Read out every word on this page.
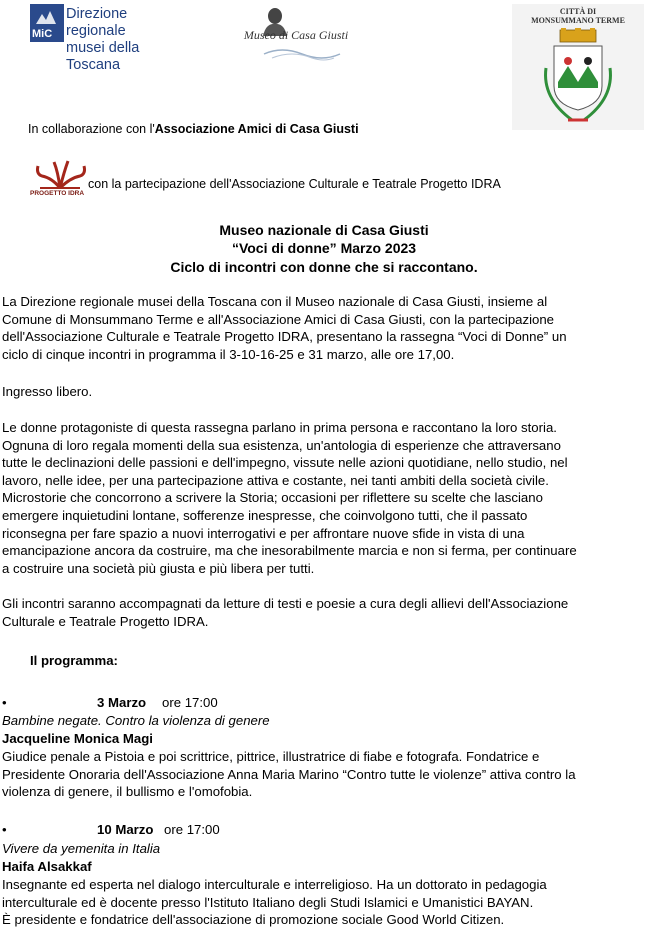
MiC
Direzione regionale
musei della Toscana
Museo di Casa Giusti
CITTÀ DI
MONSUMMANO TERME
In collaborazione con l'Associazione Amici di Casa Giusti
PROGETTO IDRA
con la partecipazione dell'Associazione Culturale e Teatrale Progetto IDRA
Museo nazionale di Casa Giusti
“Voci di donne” Marzo 2023
Ciclo di incontri con donne che si raccontano.
La Direzione regionale musei della Toscana con il Museo nazionale di Casa Giusti, insieme al
Comune di Monsummano Terme e all'Associazione Amici di Casa Giusti, con la partecipazione
dell'Associazione Culturale e Teatrale Progetto IDRA, presentano la rassegna “Voci di Donne” un
ciclo di cinque incontri in programma il 3-10-16-25 e 31 marzo, alle ore 17,00.
Ingresso libero.
Le donne protagoniste di questa rassegna parlano in prima persona e raccontano la loro storia.
Ognuna di loro regala momenti della sua esistenza, un'antologia di esperienze che attraversano
tutte le declinazioni delle passioni e dell'impegno, vissute nelle azioni quotidiane, nello studio, nel
lavoro, nelle idee, per una partecipazione attiva e costante, nei tanti ambiti della società civile.
Microstorie che concorrono a scrivere la Storia; occasioni per riflettere su scelte che lasciano
emergere inquietudini lontane, sofferenze inespresse, che coinvolgono tutti, che il passato
riconsegna per fare spazio a nuovi interrogativi e per affrontare nuove sfide in vista di una
emancipazione ancora da costruire, ma che inesorabilmente marcia e non si ferma, per continuare
a costruire una società più giusta e più libera per tutti.
Gli incontri saranno accompagnati da letture di testi e poesie a cura degli allievi dell'Associazione
Culturale e Teatrale Progetto IDRA.
Il programma:
•	3 Marzo ore 17:00
Bambine negate. Contro la violenza di genere
Jacqueline Monica Magi
Giudice penale a Pistoia e poi scrittrice, pittrice, illustratrice di fiabe e fotografa. Fondatrice e
Presidente Onoraria dell'Associazione Anna Maria Marino “Contro tutte le violenze” attiva contro la
violenza di genere, il bullismo e l'omofobia.
•	10 Marzo ore 17:00
Vivere da yemenita in Italia
Haifa Alsakkaf
Insegnante ed esperta nel dialogo interculturale e interreligioso. Ha un dottorato in pedagogia
interculturale ed è docente presso l'Istituto Italiano degli Studi Islamici e Umanistici BAYAN.
È presidente e fondatrice dell'associazione di promozione sociale Good World Citizen.
